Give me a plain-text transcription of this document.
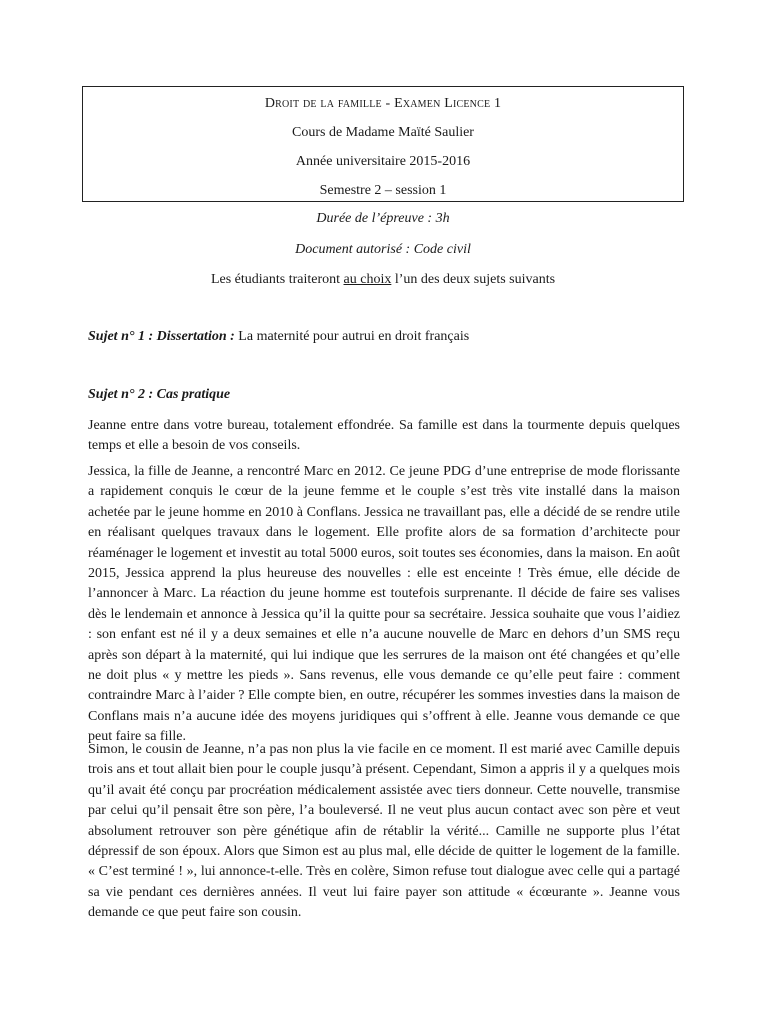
Droit de la famille - Examen Licence 1
Cours de Madame Maïté Saulier
Année universitaire 2015-2016
Semestre 2 – session 1
Durée de l’épreuve : 3h
Document autorisé : Code civil
Les étudiants traiteront au choix l’un des deux sujets suivants
Sujet n° 1 : Dissertation : La maternité pour autrui en droit français
Sujet n° 2 : Cas pratique

Jeanne entre dans votre bureau, totalement effondrée. Sa famille est dans la tourmente depuis quelques temps et elle a besoin de vos conseils.

Jessica, la fille de Jeanne, a rencontré Marc en 2012. Ce jeune PDG d’une entreprise de mode florissante a rapidement conquis le cœur de la jeune femme et le couple s’est très vite installé dans la maison achetée par le jeune homme en 2010 à Conflans. Jessica ne travaillant pas, elle a décidé de se rendre utile en réalisant quelques travaux dans le logement. Elle profite alors de sa formation d’architecte pour réaménager le logement et investit au total 5000 euros, soit toutes ses économies, dans la maison. En août 2015, Jessica apprend la plus heureuse des nouvelles : elle est enceinte ! Très émue, elle décide de l’annoncer à Marc. La réaction du jeune homme est toutefois surprenante. Il décide de faire ses valises dès le lendemain et annonce à Jessica qu’il la quitte pour sa secrétaire. Jessica souhaite que vous l’aidiez : son enfant est né il y a deux semaines et elle n’a aucune nouvelle de Marc en dehors d’un SMS reçu après son départ à la maternité, qui lui indique que les serrures de la maison ont été changées et qu’elle ne doit plus « y mettre les pieds ». Sans revenus, elle vous demande ce qu’elle peut faire : comment contraindre Marc à l’aider ? Elle compte bien, en outre, récupérer les sommes investies dans la maison de Conflans mais n’a aucune idée des moyens juridiques qui s’offrent à elle. Jeanne vous demande ce que peut faire sa fille.

Simon, le cousin de Jeanne, n’a pas non plus la vie facile en ce moment. Il est marié avec Camille depuis trois ans et tout allait bien pour le couple jusqu’à présent. Cependant, Simon a appris il y a quelques mois qu’il avait été conçu par procréation médicalement assistée avec tiers donneur. Cette nouvelle, transmise par celui qu’il pensait être son père, l’a bouleversé. Il ne veut plus aucun contact avec son père et veut absolument retrouver son père génétique afin de rétablir la vérité... Camille ne supporte plus l’état dépressif de son époux. Alors que Simon est au plus mal, elle décide de quitter le logement de la famille. « C’est terminé ! », lui annonce-t-elle. Très en colère, Simon refuse tout dialogue avec celle qui a partagé sa vie pendant ces dernières années. Il veut lui faire payer son attitude « écœurante ». Jeanne vous demande ce que peut faire son cousin.
